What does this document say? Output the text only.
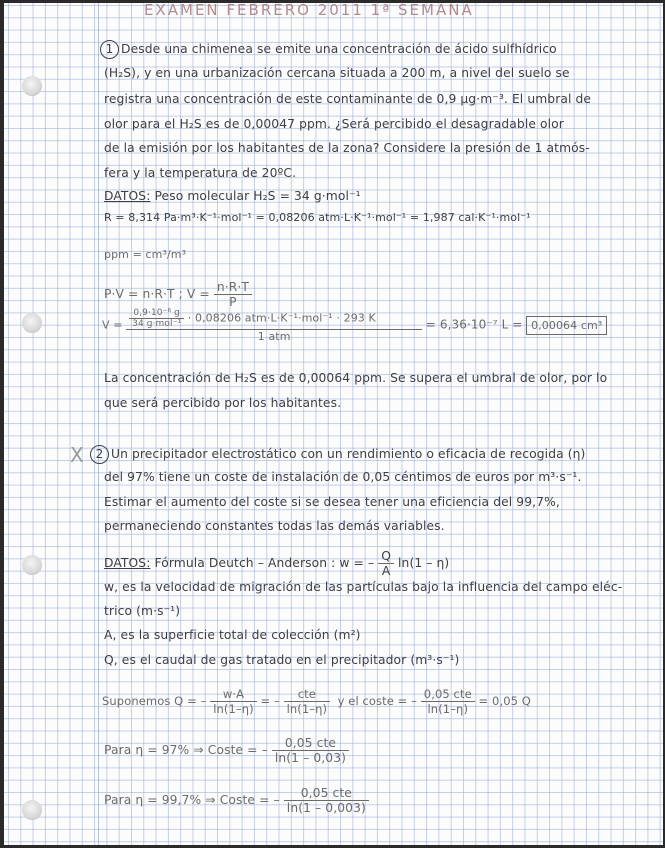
EXAMEN FEBRERO 2011 1ª SEMANA
1 Desde una chimenea se emite una concentración de ácido sulfhídrico
(H₂S), y en una urbanización cercana situada a 200 m, a nivel del suelo se
registra una concentración de este contaminante de 0,9 μg·m⁻³. El umbral de
olor para el H₂S es de 0,00047 ppm. ¿Será percibido el desagradable olor
de la emisión por los habitantes de la zona? Considere la presión de 1 atmós-
fera y la temperatura de 20ºC.
DATOS: Peso molecular H₂S = 34 g·mol⁻¹
R = 8,314 Pa·m³·K⁻¹·mol⁻¹ = 0,08206 atm·L·K⁻¹·mol⁻¹ = 1,987 cal·K⁻¹·mol⁻¹
ppm = cm³/m³
P·V = n·R·T ; $V = \frac{n\cdot R\cdot T}{P}$
$V = \frac{\text{0,9·10⁻⁶ g}}{\text{34 g·mol⁻¹}} \cdot 0,08206$ atm·L·K⁻¹·mol⁻¹ · 293 K
1 atm
= 6,36·10⁻⁷ L = 0,00064 cm³
La concentración de H₂S es de 0,00064 ppm. Se supera el umbral de olor, por lo
que será percibido por los habitantes.
X 2 Un precipitador electrostático con un rendimiento o eficacia de recogida (η)
del 97% tiene un coste de instalación de 0,05 céntimos de euros por m³·s⁻¹.
Estimar el aumento del coste si se desea tener una eficiencia del 99,7%,
permaneciendo constantes todas las demás variables.
DATOS: Fórmula Deutch – Anderson : w = – $\frac{Q}{A} \ln(1 - \eta)$
w, es la velocidad de migración de las partículas bajo la influencia del campo eléc-
trico (m·s⁻¹)
A, es la superficie total de colección (m²)
Q, es el caudal de gas tratado en el precipitador (m³·s⁻¹)
Suponemos Q = – $\frac{w\cdot A}{\ln(1-\eta)}$ = – $\frac{\text{cte}}{\ln(1-\eta)}$ y el coste = – $\frac{\text{0,05 cte}}{\ln(1-\eta)} = 0,05$ Q
Para η = 97% ⇒ Coste = – $\frac{\text{0,05 cte}}{\ln(1 - 0,03)}$
Para η = 99,7% ⇒ Coste = – $\frac{\text{0,05 cte}}{\ln(1 - 0,003)}$
